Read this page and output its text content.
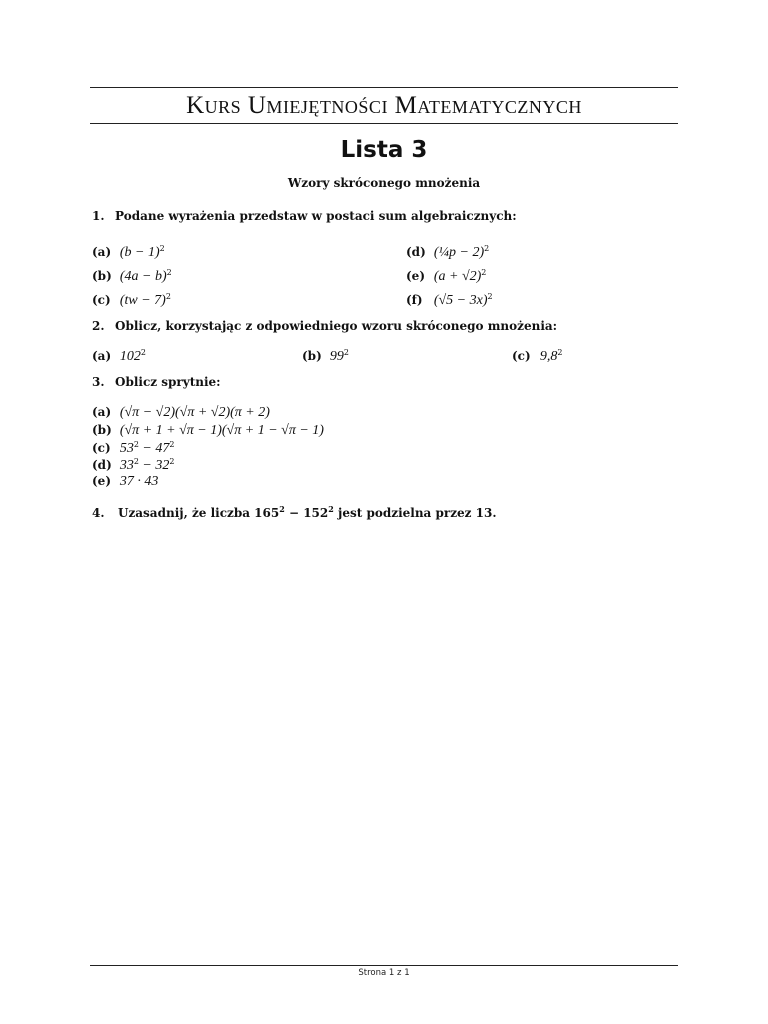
Kurs Umiejętności Matematycznych
Lista 3
Wzory skróconego mnożenia
1. Podane wyrażenia przedstaw w postaci sum algebraicznych:
(a) $(b - 1)^2$
(b) $(4a - b)^2$
(c) (tw − 7)$^2$
(d) (¼p − 2)$^2$
(e) $(a + √2)^2$
(f) $(√5 - 3x)^2$
2. Oblicz, korzystając z odpowiedniego wzoru skróconego mnożenia:
(a) $102^2$	(b) $99^2$	(c) $9,8^2$
3. Oblicz sprytnie:
(a) (√π − √2)(√π + √2)(π + 2)
(b) (√π + 1 + √π − 1)(√π + 1 − √π − 1)
(c) $53^2 - 47^2$
(d) $33^2 - 32^2$
(e) 37 · 43
4. Uzasadnij, że liczba $165^2 - 152^2$ jest podzielna przez 13.
Strona 1 z 1
